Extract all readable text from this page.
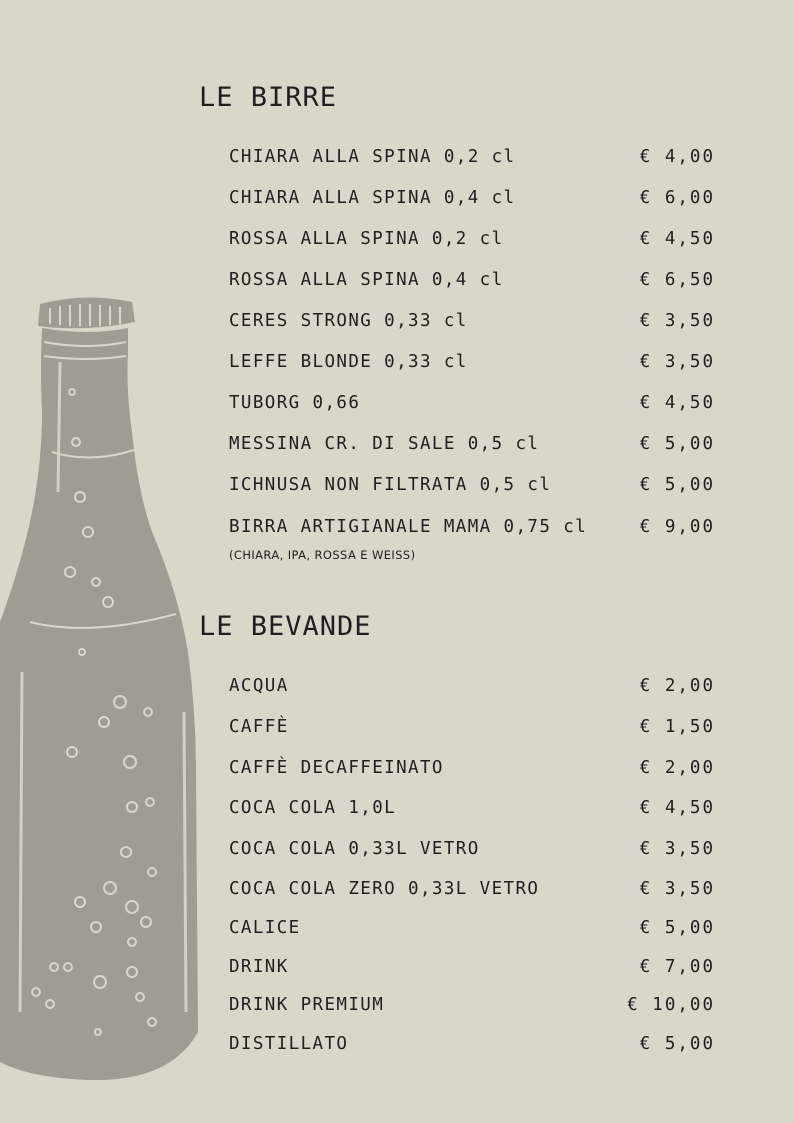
LE BIRRE
CHIARA ALLA SPINA 0,2 cl	€ 4,00
CHIARA ALLA SPINA 0,4 cl	€ 6,00
ROSSA ALLA SPINA 0,2 cl	€ 4,50
ROSSA ALLA SPINA 0,4 cl	€ 6,50
CERES STRONG 0,33 cl	€ 3,50
LEFFE BLONDE 0,33 cl	€ 3,50
TUBORG 0,66	€ 4,50
MESSINA CR. DI SALE 0,5 cl	€ 5,00
ICHNUSA NON FILTRATA 0,5 cl	€ 5,00
BIRRA ARTIGIANALE MAMA 0,75 cl	€ 9,00
(CHIARA, IPA, ROSSA E WEISS)
LE BEVANDE
ACQUA	€ 2,00
CAFFÈ	€ 1,50
CAFFÈ DECAFFEINATO	€ 2,00
COCA COLA 1,0L	€ 4,50
COCA COLA 0,33L VETRO	€ 3,50
COCA COLA ZERO 0,33L VETRO	€ 3,50
CALICE	€ 5,00
DRINK	€ 7,00
DRINK PREMIUM	€ 10,00
DISTILLATO	€ 5,00
